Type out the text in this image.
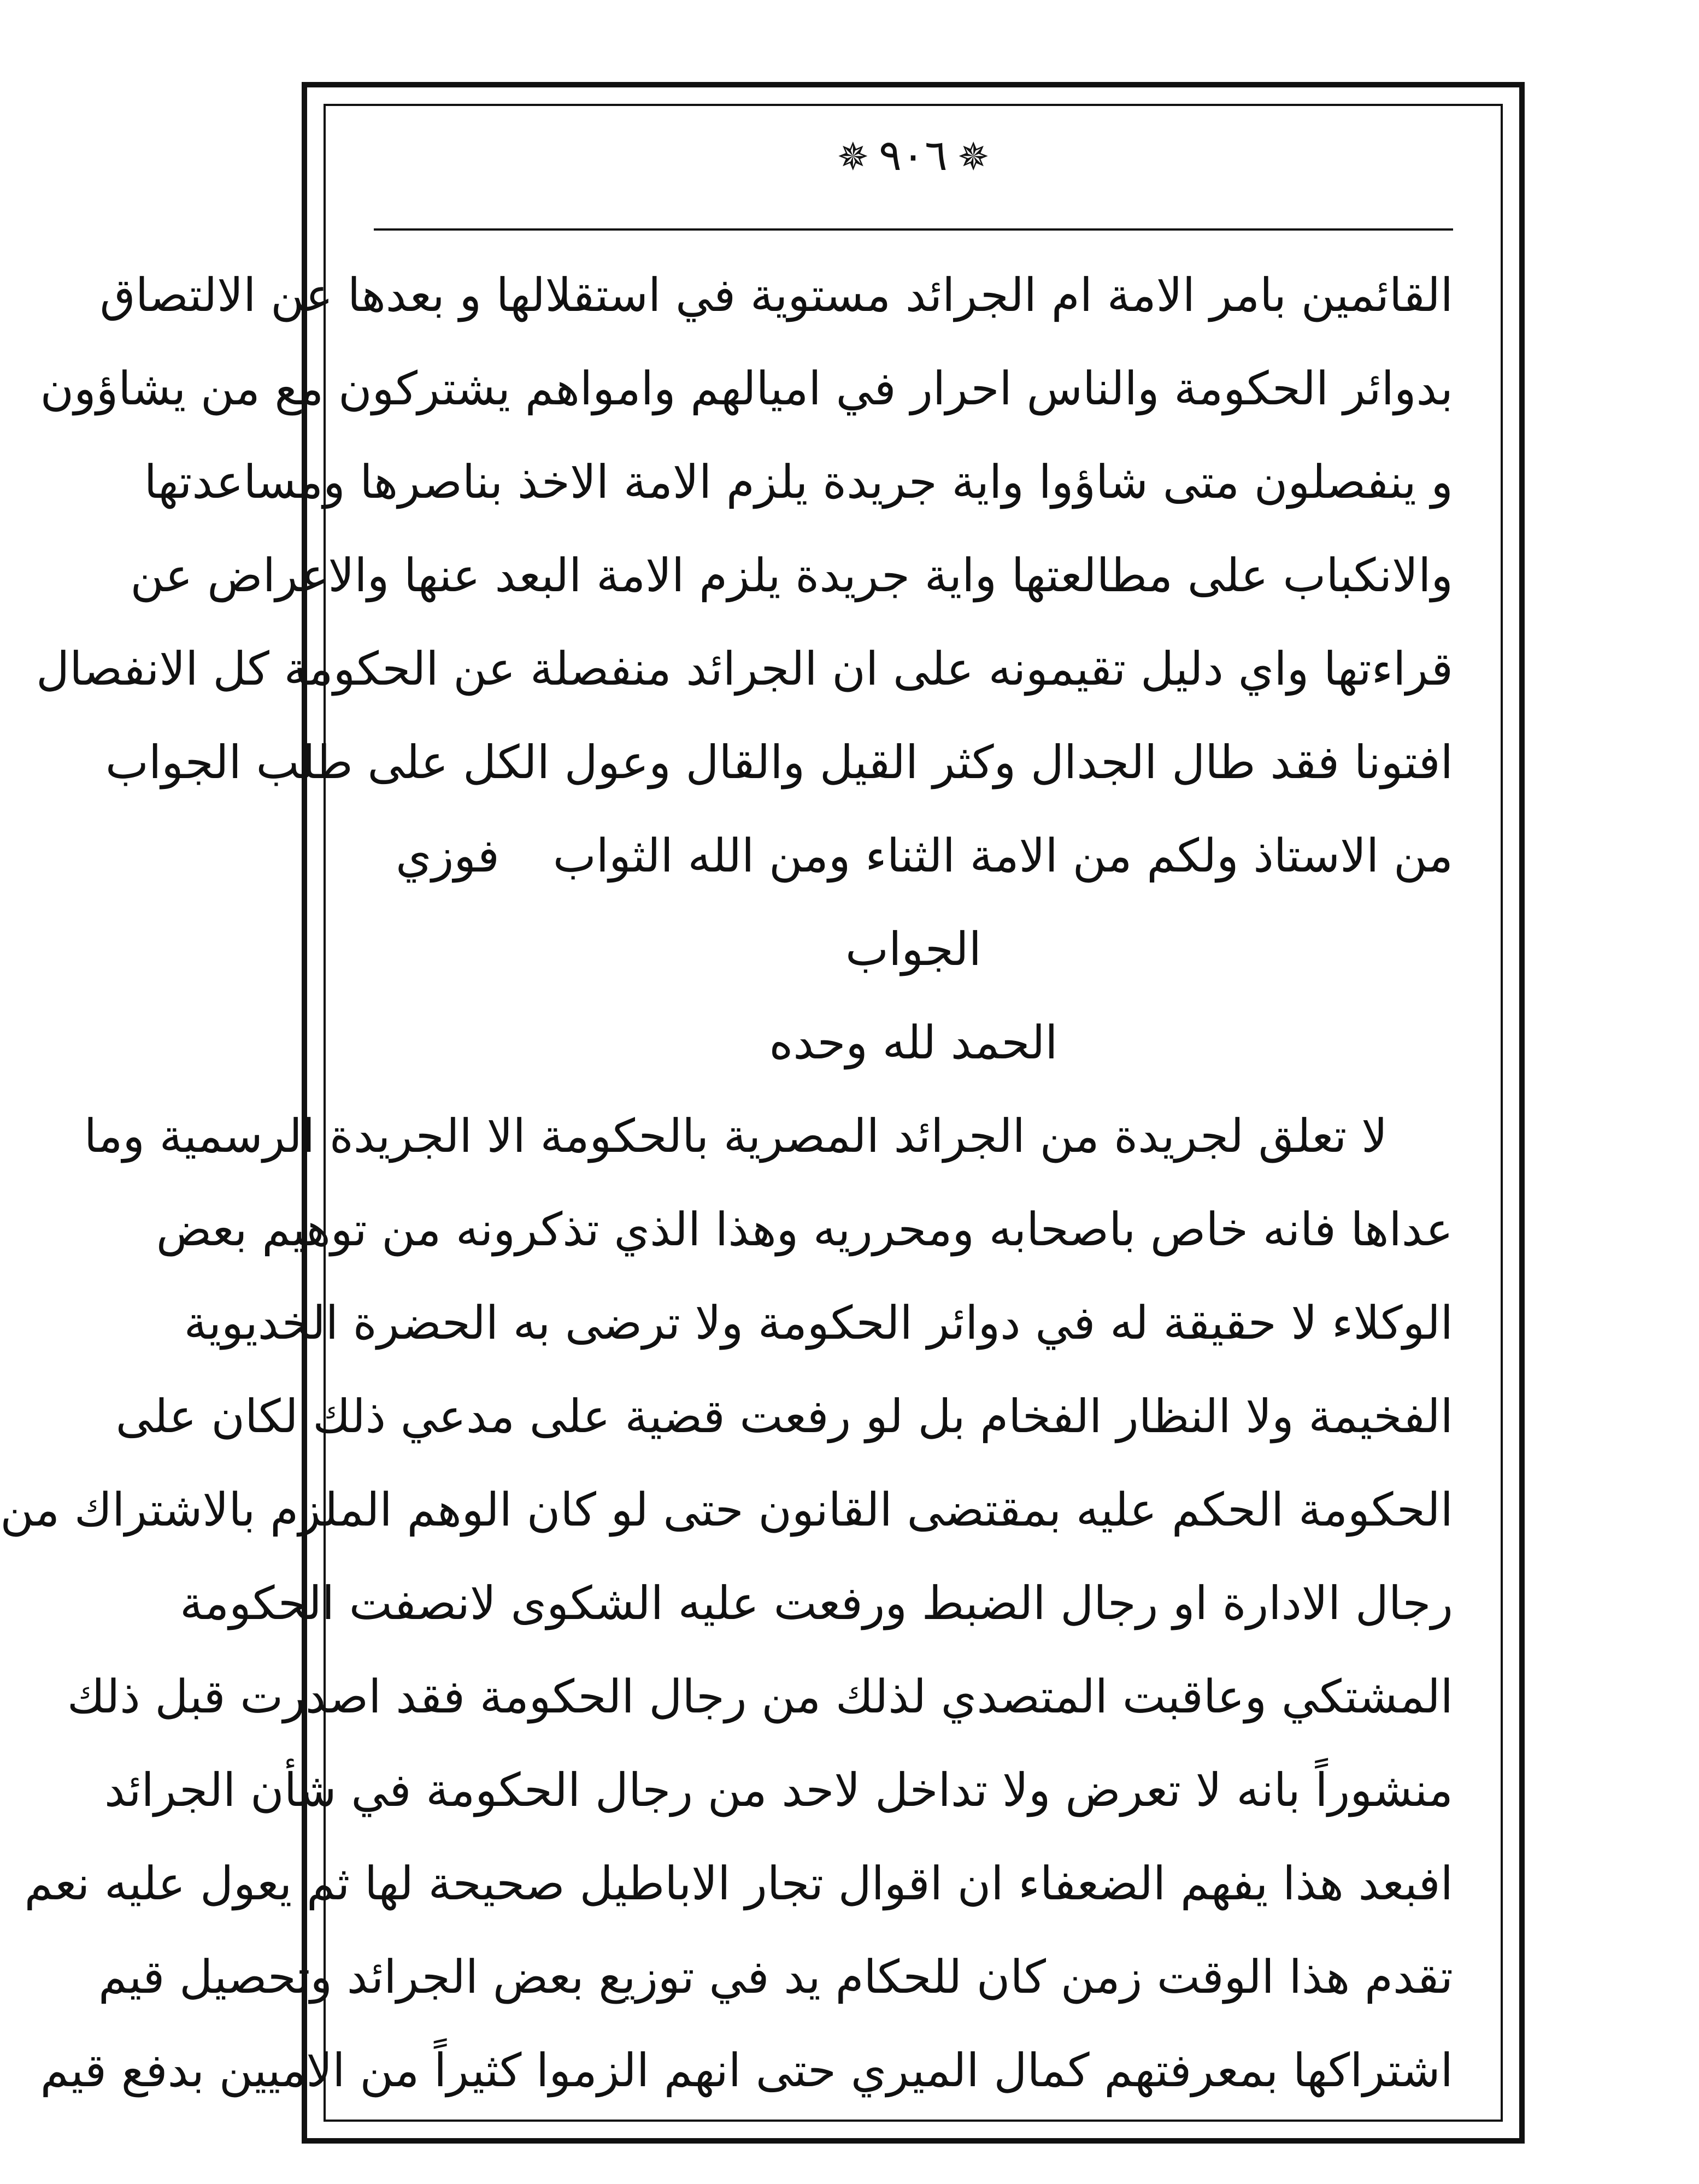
✵ ٩٠٦ ✵
القائمين بامر الامة ام الجرائد مستوية في استقلالها و بعدها عن الالتصاق
بدوائر الحكومة والناس احرار في اميالهم وامواهم يشتركون مع من يشاؤون
و ينفصلون متى شاؤوا واية جريدة يلزم الامة الاخذ بناصرها ومساعدتها
والانكباب على مطالعتها واية جريدة يلزم الامة البعد عنها والاعراض عن
قراءتها واي دليل تقيمونه على ان الجرائد منفصلة عن الحكومة كل الانفصال
افتونا فقد طال الجدال وكثر القيل والقال وعول الكل على طلب الجواب
من الاستاذ ولكم من الامة الثناء ومن الله الثواب
فوزي
الجواب
الحمد لله وحده
لا تعلق لجريدة من الجرائد المصرية بالحكومة الا الجريدة الرسمية وما
عداها فانه خاص باصحابه ومحرريه وهذا الذي تذكرونه من توهيم بعض
الوكلاء لا حقيقة له في دوائر الحكومة ولا ترضى به الحضرة الخديوية
الفخيمة ولا النظار الفخام بل لو رفعت قضية على مدعي ذلك لكان على
الحكومة الحكم عليه بمقتضى القانون حتى لو كان الوهم الملزم بالاشتراك من
رجال الادارة او رجال الضبط ورفعت عليه الشكوى لانصفت الحكومة
المشتكي وعاقبت المتصدي لذلك من رجال الحكومة فقد اصدرت قبل ذلك
منشوراً بانه لا تعرض ولا تداخل لاحد من رجال الحكومة في شأن الجرائد
افبعد هذا يفهم الضعفاء ان اقوال تجار الاباطيل صحيحة لها ثم يعول عليه نعم
تقدم هذا الوقت زمن كان للحكام يد في توزيع بعض الجرائد وتحصيل قيم
اشتراكها بمعرفتهم كمال الميري حتى انهم الزموا كثيراً من الاميين بدفع قيم
